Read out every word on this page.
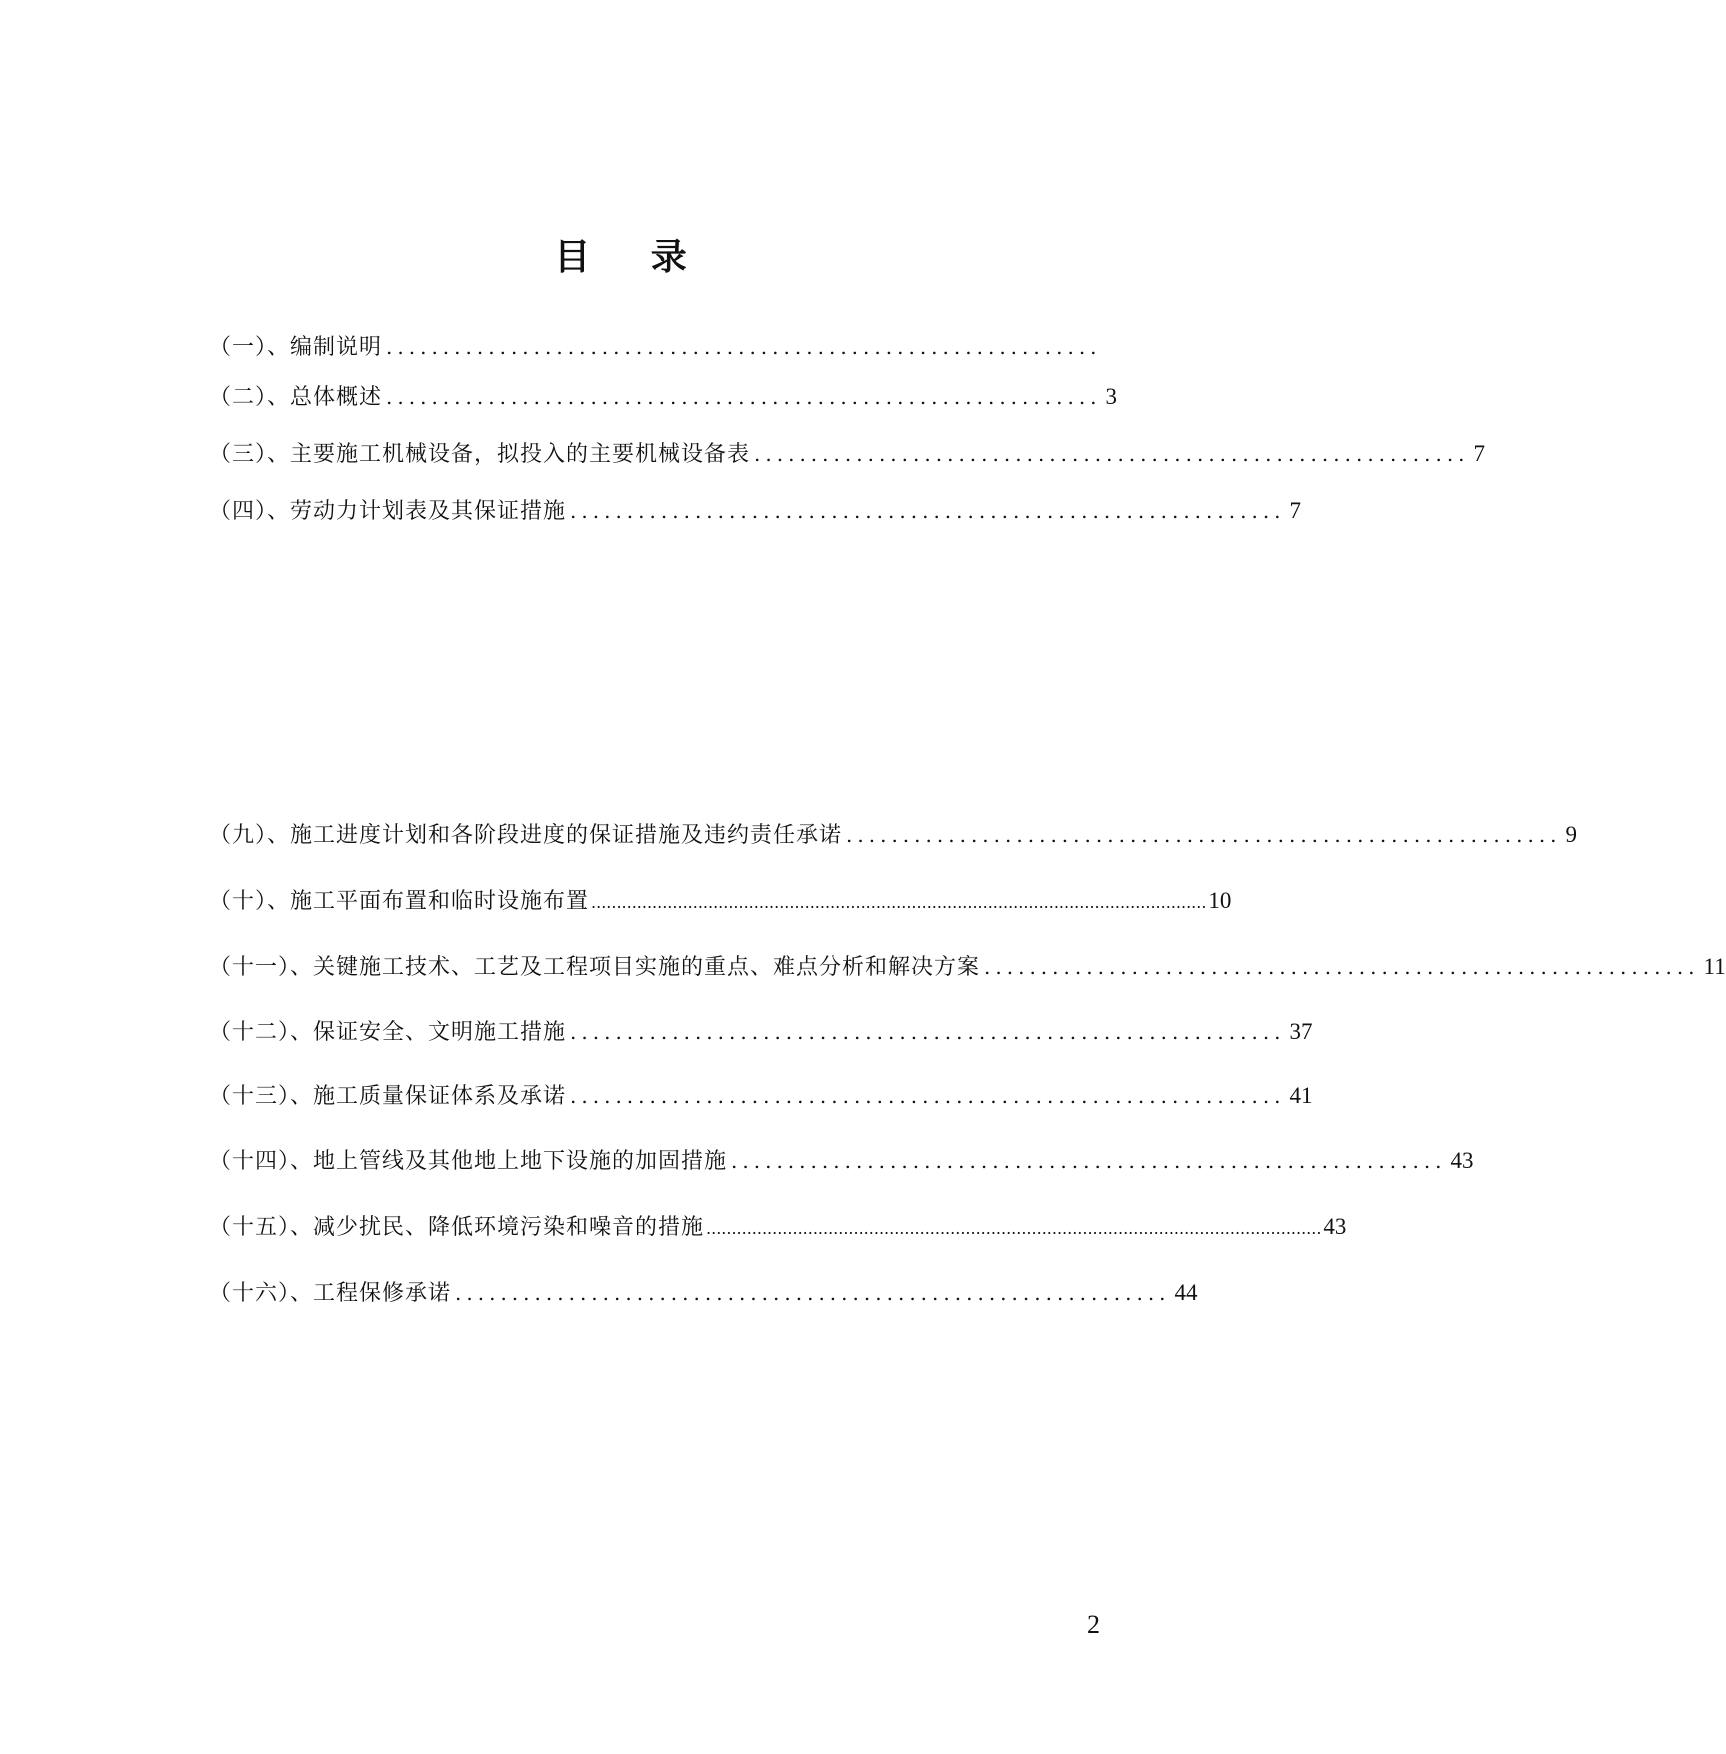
目 录
（一）、编制说明 ...............................................................
（二）、总体概述 ............................................................... 3
（三）、主要施工机械设备，拟投入的主要机械设备表 ............................................................... 7
（四）、劳动力计划表及其保证措施 ............................................................... 7
（九）、施工进度计划和各阶段进度的保证措施及违约责任承诺 ............................................................... 9
（十）、施工平面布置和临时设施布置 ......................................................................................................................... 10
（十一）、关键施工技术、工艺及工程项目实施的重点、难点分析和解决方案 ............................................................... 11
（十二）、保证安全、文明施工措施 ............................................................... 37
（十三）、施工质量保证体系及承诺 ............................................................... 41
（十四）、地上管线及其他地上地下设施的加固措施 ............................................................... 43
（十五）、减少扰民、降低环境污染和噪音的措施 ......................................................................................................................... 43
（十六）、工程保修承诺 ............................................................... 44
2
